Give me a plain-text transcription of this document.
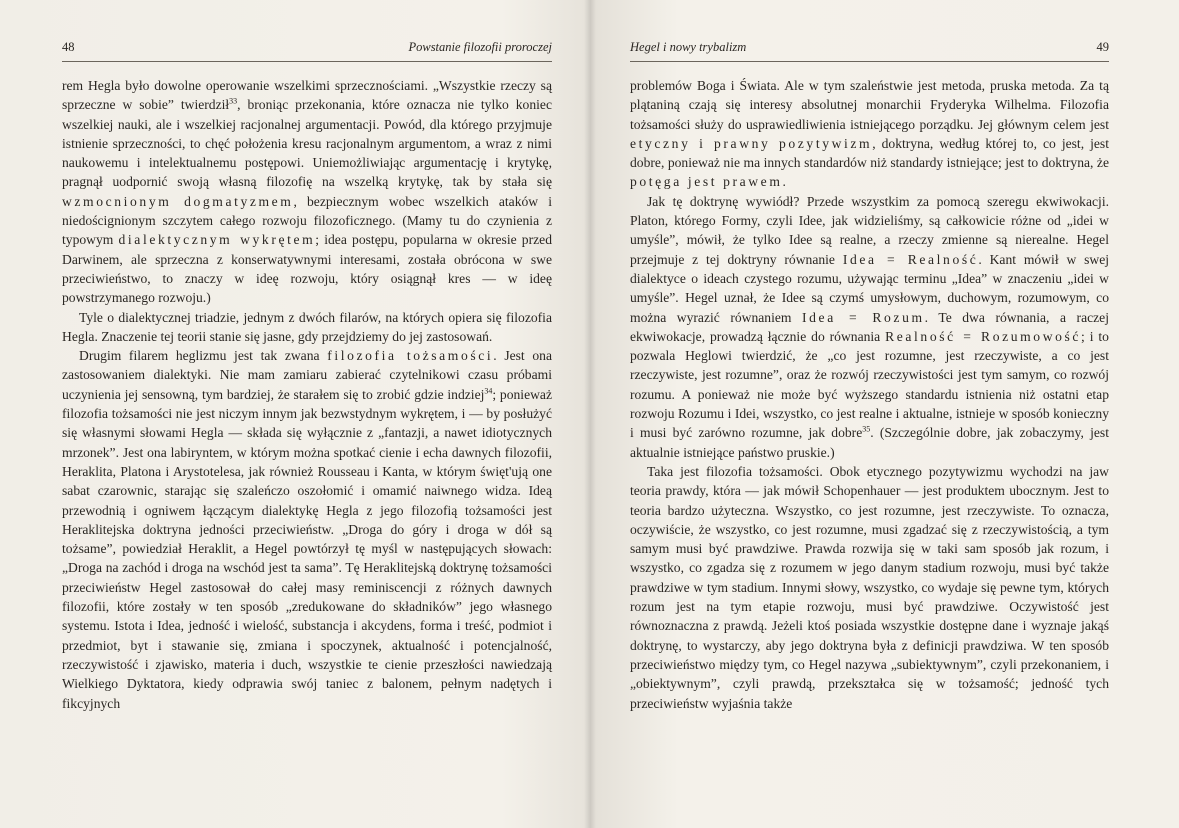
48	Powstanie filozofii proroczej

rem Hegla było dowolne operowanie wszelkimi sprzecznościami. „Wszystkie rzeczy są sprzeczne w sobie” twierdził$^{33}$, broniąc przekonania, które oznacza nie tylko koniec wszelkiej nauki, ale i wszelkiej racjonalnej argumentacji. Powód, dla którego przyjmuje istnienie sprzeczności, to chęć położenia kresu racjonalnym argumentom, a wraz z nimi naukowemu i intelektualnemu postępowi. Uniemożliwiając argumentację i krytykę, pragnął uodpornić swoją własną filozofię na wszelką krytykę, tak by stała się wzmocnionym dogmatyzmem, bezpiecznym wobec wszelkich ataków i niedoścignionym szczytem całego rozwoju filozoficznego. (Mamy tu do czynienia z typowym dialektycznym wykrętem; idea postępu, popularna w okresie przed Darwinem, ale sprzeczna z konserwatywnymi interesami, została obrócona w swe przeciwieństwo, to znaczy w ideę rozwoju, który osiągnął kres — w ideę powstrzymanego rozwoju.)

Tyle o dialektycznej triadzie, jednym z dwóch filarów, na których opiera się filozofia Hegla. Znaczenie tej teorii stanie się jasne, gdy przejdziemy do jej zastosowań.

Drugim filarem heglizmu jest tak zwana filozofia tożsamości. Jest ona zastosowaniem dialektyki. Nie mam zamiaru zabierać czytelnikowi czasu próbami uczynienia jej sensowną, tym bardziej, że starałem się to zrobić gdzie indziej$^{34}$; ponieważ filozofia tożsamości nie jest niczym innym jak bezwstydnym wykrętem, i — by posłużyć się własnymi słowami Hegla — składa się wyłącznie z „fantazji, a nawet idiotycznych mrzonek”. Jest ona labiryntem, w którym można spotkać cienie i echa dawnych filozofii, Heraklita, Platona i Arystotelesa, jak również Rousseau i Kanta, w którym święt'ują one sabat czarownic, starając się szaleńczo oszołomić i omamić naiwnego widza. Ideą przewodnią i ogniwem łączącym dialektykę Hegla z jego filozofią tożsamości jest Heraklitejska doktryna jedności przeciwieństw. „Droga do góry i droga w dół są tożsame”, powiedział Heraklit, a Hegel powtórzył tę myśl w następujących słowach: „Droga na zachód i droga na wschód jest ta sama”. Tę Heraklitejską doktrynę tożsamości przeciwieństw Hegel zastosował do całej masy reminiscencji z różnych dawnych filozofii, które zostały w ten sposób „zredukowane do składników” jego własnego systemu. Istota i Idea, jedność i wielość, substancja i akcydens, forma i treść, podmiot i przedmiot, byt i stawanie się, zmiana i spoczynek, aktualność i potencjalność, rzeczywistość i zjawisko, materia i duch, wszystkie te cienie przeszłości nawiedzają Wielkiego Dyktatora, kiedy odprawia swój taniec z balonem, pełnym nadętych i fikcyjnych

Hegel i nowy trybalizm	49

problemów Boga i Świata. Ale w tym szaleństwie jest metoda, pruska metoda. Za tą plątaniną czają się interesy absolutnej monarchii Fryderyka Wilhelma. Filozofia tożsamości służy do usprawiedliwienia istniejącego porządku. Jej głównym celem jest etyczny i prawny pozytywizm, doktryna, według której to, co jest, jest dobre, ponieważ nie ma innych standardów niż standardy istniejące; jest to doktryna, że potęga jest prawem.

Jak tę doktrynę wywiódł? Przede wszystkim za pomocą szeregu ekwiwokacji. Platon, którego Formy, czyli Idee, jak widzieliśmy, są całkowicie różne od „idei w umyśle”, mówił, że tylko Idee są realne, a rzeczy zmienne są nierealne. Hegel przejmuje z tej doktryny równanie Idea = Realność. Kant mówił w swej dialektyce o ideach czystego rozumu, używając terminu „Idea” w znaczeniu „idei w umyśle”. Hegel uznał, że Idee są czymś umysłowym, duchowym, rozumowym, co można wyrazić równaniem Idea = Rozum. Te dwa równania, a raczej ekwiwokacje, prowadzą łącznie do równania Realność = Rozumowość; i to pozwala Heglowi twierdzić, że „co jest rozumne, jest rzeczywiste, a co jest rzeczywiste, jest rozumne”, oraz że rozwój rzeczywistości jest tym samym, co rozwój rozumu. A ponieważ nie może być wyższego standardu istnienia niż ostatni etap rozwoju Rozumu i Idei, wszystko, co jest realne i aktualne, istnieje w sposób konieczny i musi być zarówno rozumne, jak dobre$^{35}$. (Szczególnie dobre, jak zobaczymy, jest aktualnie istniejące państwo pruskie.)

Taka jest filozofia tożsamości. Obok etycznego pozytywizmu wychodzi na jaw teoria prawdy, która — jak mówił Schopenhauer — jest produktem ubocznym. Jest to teoria bardzo użyteczna. Wszystko, co jest rozumne, jest rzeczywiste. To oznacza, oczywiście, że wszystko, co jest rozumne, musi zgadzać się z rzeczywistością, a tym samym musi być prawdziwe. Prawda rozwija się w taki sam sposób jak rozum, i wszystko, co zgadza się z rozumem w jego danym stadium rozwoju, musi być także prawdziwe w tym stadium. Innymi słowy, wszystko, co wydaje się pewne tym, których rozum jest na tym etapie rozwoju, musi być prawdziwe. Oczywistość jest równoznaczna z prawdą. Jeżeli ktoś posiada wszystkie dostępne dane i wyznaje jakąś doktrynę, to wystarczy, aby jego doktryna była z definicji prawdziwa. W ten sposób przeciwieństwo między tym, co Hegel nazywa „subiektywnym”, czyli przekonaniem, i „obiektywnym”, czyli prawdą, przekształca się w tożsamość; jedność tych przeciwieństw wyjaśnia także
